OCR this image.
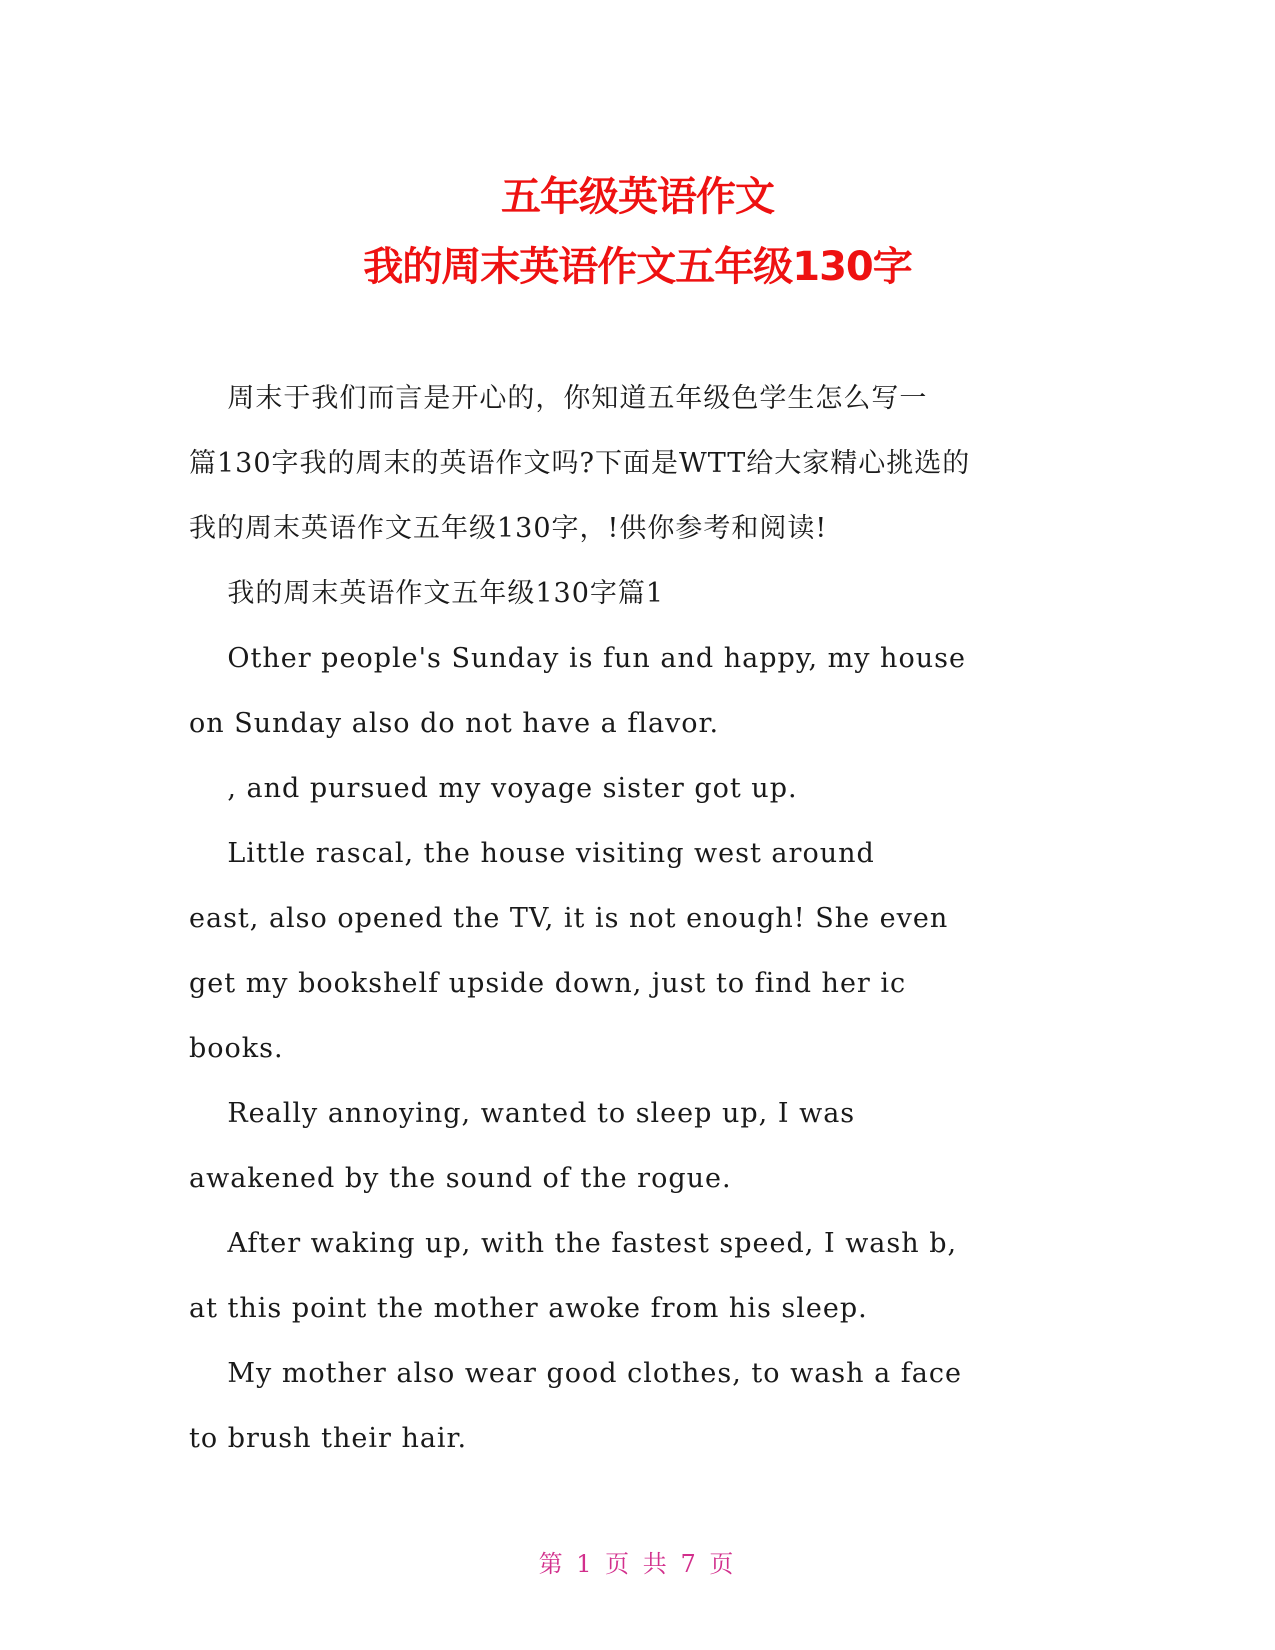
五年级英语作文
我的周末英语作文五年级130字

周末于我们而言是开心的，你知道五年级色学生怎么写一

篇130字我的周末的英语作文吗?下面是WTT给大家精心挑选的

我的周末英语作文五年级130字，!供你参考和阅读!

我的周末英语作文五年级130字篇1

Other people's Sunday is fun and happy, my house

on Sunday also do not have a flavor.

, and pursued my voyage sister got up.

Little rascal, the house visiting west around

east, also opened the TV, it is not enough! She even

get my bookshelf upside down, just to find her ic

books.

Really annoying, wanted to sleep up, I was

awakened by the sound of the rogue.

After waking up, with the fastest speed, I wash b,

at this point the mother awoke from his sleep.

My mother also wear good clothes, to wash a face

to brush their hair.

第 1 页 共 7 页
